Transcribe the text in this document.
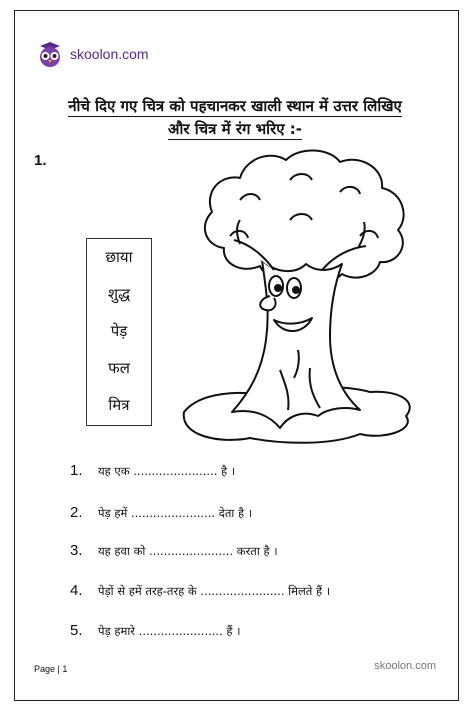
skoolon.com
नीचे दिए गए चित्र को पहचानकर खाली स्थान में उत्तर लिखिए
और चित्र में रंग भरिए :-
1.
छाया
शुद्ध
पेड़
फल
मित्र
1.	यह एक ....................... है ।
2.	पेड़ हमें ....................... देता है ।
3.	यह हवा को ....................... करता है ।
4.	पेड़ों से हमें तरह-तरह के ....................... मिलते हैं ।
5.	पेड़ हमारे ....................... हैं ।
Page | 1	skoolon.com
